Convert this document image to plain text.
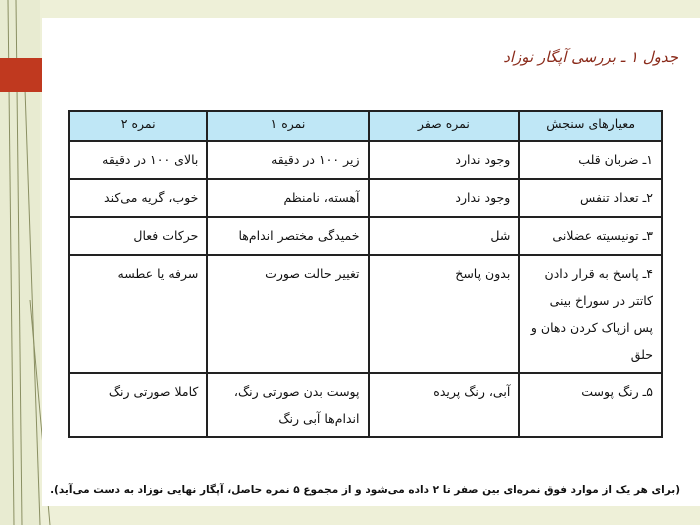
جدول ۱ ـ بررسی آپگار نوزاد
معیارهای سنجش	نمره صفر	نمره ۱	نمره ۲
۱ـ ضربان قلب	وجود ندارد	زیر ۱۰۰ در دقیقه	بالای ۱۰۰ در دقیقه
۲ـ تعداد تنفس	وجود ندارد	آهسته، نامنظم	خوب، گریه می‌کند
۳ـ تونیسیته عضلانی	شل	خمیدگی مختصر اندام‌ها	حرکات فعال
۴ـ پاسخ به قرار دادن کاتتر در سوراخ بینی پس ازپاک کردن دهان و حلق	بدون پاسخ	تغییر حالت صورت	سرفه یا عطسه
۵ـ رنگ پوست	آبی، رنگ پریده	پوست بدن صورتی رنگ، اندام‌ها آبی رنگ	کاملا صورتی رنگ
(برای هر یک از موارد فوق نمره‌ای بین صفر تا ۲ داده می‌شود و از مجموع ۵ نمره حاصل، آپگار نهایی نوزاد به دست می‌آید).
